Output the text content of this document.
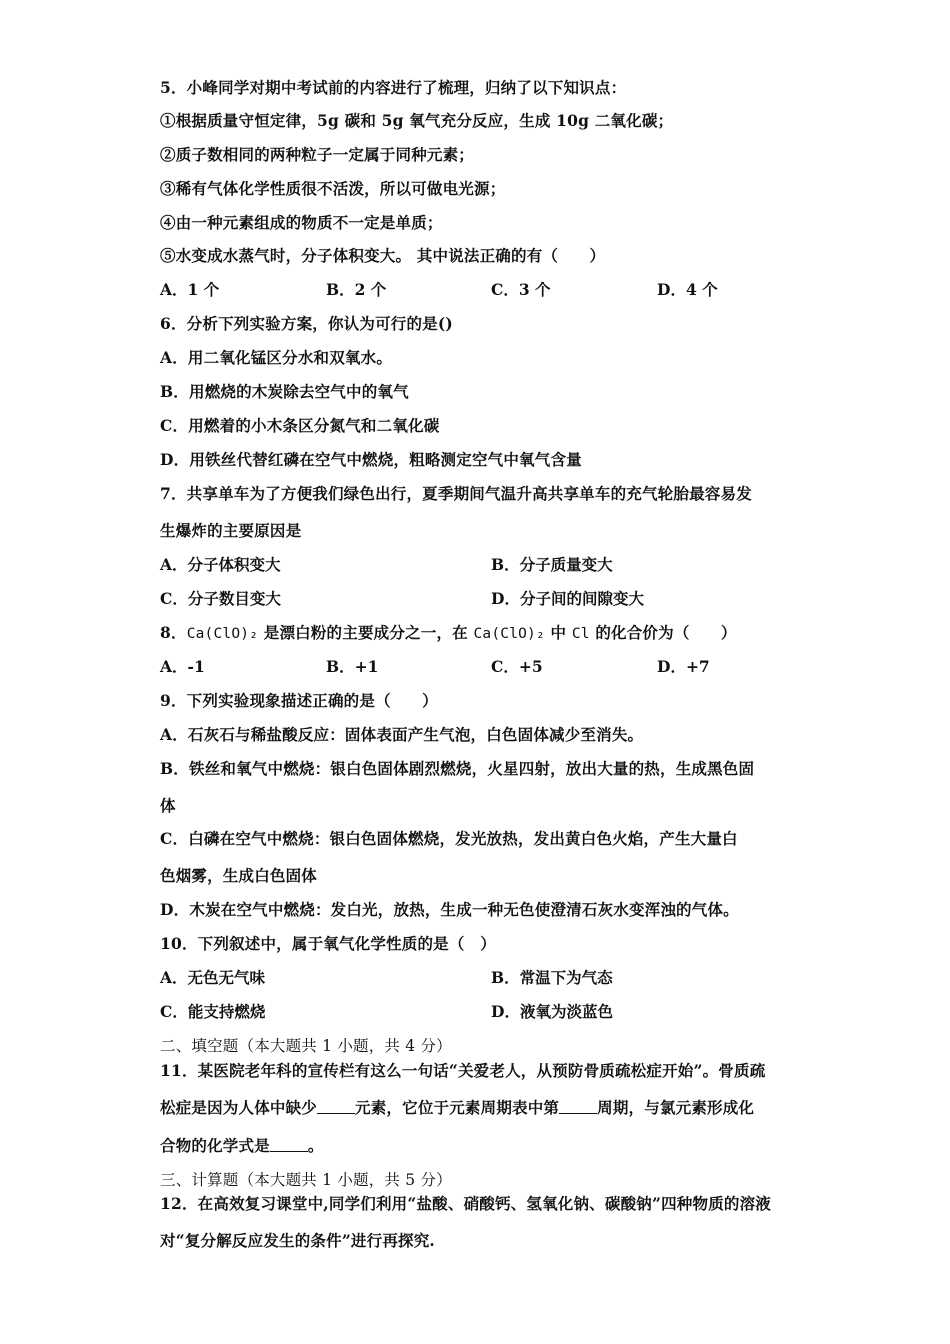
5．小峰同学对期中考试前的内容进行了梳理，归纳了以下知识点：
①根据质量守恒定律，5g 碳和 5g 氧气充分反应，生成 10g 二氧化碳；
②质子数相同的两种粒子一定属于同种元素；
③稀有气体化学性质很不活泼，所以可做电光源；
④由一种元素组成的物质不一定是单质；
⑤水变成水蒸气时，分子体积变大。 其中说法正确的有（　　）
A．1 个	B．2 个	C．3 个	D．4 个
6．分析下列实验方案，你认为可行的是()
A．用二氧化锰区分水和双氧水。
B．用燃烧的木炭除去空气中的氧气
C．用燃着的小木条区分氮气和二氧化碳
D．用铁丝代替红磷在空气中燃烧，粗略测定空气中氧气含量
7．共享单车为了方便我们绿色出行，夏季期间气温升高共享单车的充气轮胎最容易发
生爆炸的主要原因是
A．分子体积变大	B．分子质量变大
C．分子数目变大	D．分子间的间隙变大
8．Ca(ClO)₂ 是漂白粉的主要成分之一，在 Ca(ClO)₂ 中 Cl 的化合价为（　　）
A．-1	B．+1	C．+5	D．+7
9．下列实验现象描述正确的是（　　）
A．石灰石与稀盐酸反应：固体表面产生气泡，白色固体减少至消失。
B．铁丝和氧气中燃烧：银白色固体剧烈燃烧，火星四射，放出大量的热，生成黑色固
体
C．白磷在空气中燃烧：银白色固体燃烧，发光放热，发出黄白色火焰，产生大量白
色烟雾，生成白色固体
D．木炭在空气中燃烧：发白光，放热，生成一种无色使澄清石灰水变浑浊的气体。
10．下列叙述中，属于氧气化学性质的是（　）
A．无色无气味	B．常温下为气态
C．能支持燃烧	D．液氧为淡蓝色
二、填空题（本大题共 1 小题，共 4 分）
11．某医院老年科的宣传栏有这么一句话“关爱老人，从预防骨质疏松症开始”。骨质疏
松症是因为人体中缺少 元素，它位于元素周期表中第 周期，与氯元素形成化
合物的化学式是 。
三、计算题（本大题共 1 小题，共 5 分）
12．在高效复习课堂中,同学们利用“盐酸、硝酸钙、氢氧化钠、碳酸钠”四种物质的溶液
对“复分解反应发生的条件”进行再探究.
